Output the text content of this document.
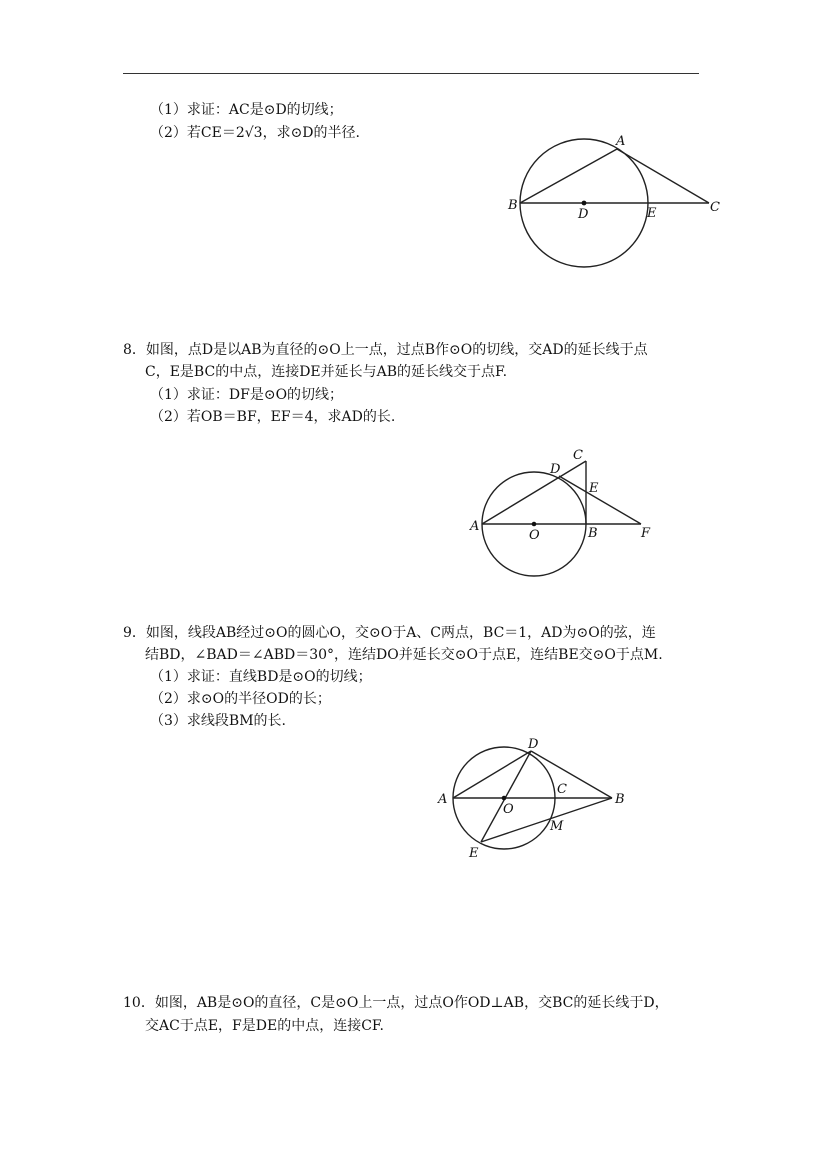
（1）求证：AC是⊙D的切线；
（2）若CE＝2√3，求⊙D的半径.
A
B
D	E	C
8．如图，点D是以AB为直径的⊙O上一点，过点B作⊙O的切线，交AD的延长线于点
C，E是BC的中点，连接DE并延长与AB的延长线交于点F.
（1）求证：DF是⊙O的切线；
（2）若OB＝BF，EF＝4，求AD的长.
C
D
E
A
O	B	F
9．如图，线段AB经过⊙O的圆心O，交⊙O于A、C两点，BC＝1，AD为⊙O的弦，连
结BD，∠BAD＝∠ABD＝30°，连结DO并延长交⊙O于点E，连结BE交⊙O于点M.
（1）求证：直线BD是⊙O的切线；
（2）求⊙O的半径OD的长；
（3）求线段BM的长.
D
A
O
C
B
M
E
10．如图，AB是⊙O的直径，C是⊙O上一点，过点O作OD⊥AB，交BC的延长线于D，
交AC于点E，F是DE的中点，连接CF.
